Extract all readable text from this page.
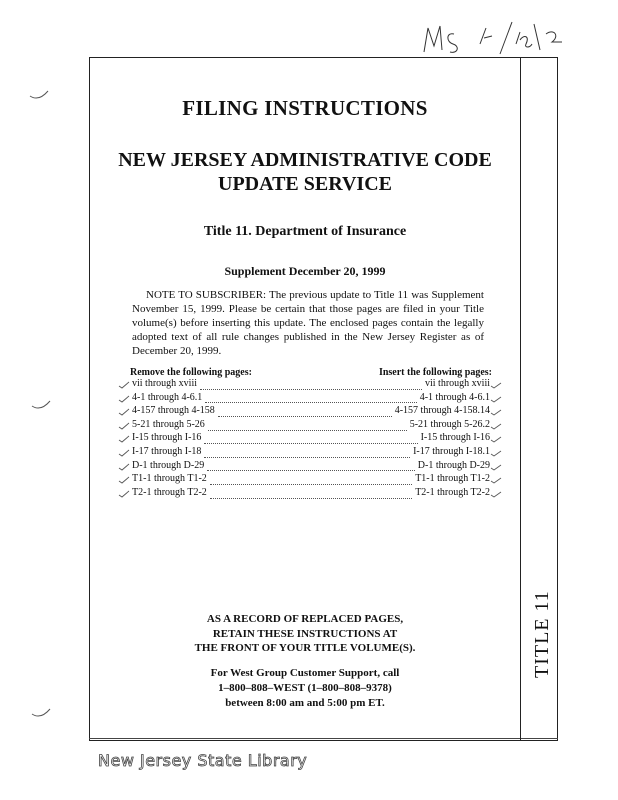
TITLE 11
FILING INSTRUCTIONS
NEW JERSEY ADMINISTRATIVE CODE
UPDATE SERVICE
Title 11. Department of Insurance
Supplement December 20, 1999
NOTE TO SUBSCRIBER: The previous update to Title 11 was Supplement November 15, 1999. Please be certain that those pages are filed in your Title volume(s) before inserting this update. The enclosed pages contain the legally adopted text of all rule changes published in the New Jersey Register as of December 20, 1999.
Remove the following pages:	Insert the following pages:
vii through xviii	vii through xviii
4-1 through 4-6.1	4-1 through 4-6.1
4-157 through 4-158	4-157 through 4-158.14
5-21 through 5-26	5-21 through 5-26.2
I-15 through I-16	I-15 through I-16
I-17 through I-18	I-17 through I-18.1
D-1 through D-29	D-1 through D-29
T1-1 through T1-2	T1-1 through T1-2
T2-1 through T2-2	T2-1 through T2-2
AS A RECORD OF REPLACED PAGES,
RETAIN THESE INSTRUCTIONS AT
THE FRONT OF YOUR TITLE VOLUME(S).
For West Group Customer Support, call
1–800–808–WEST (1–800–808–9378)
between 8:00 am and 5:00 pm ET.
New Jersey State Library
